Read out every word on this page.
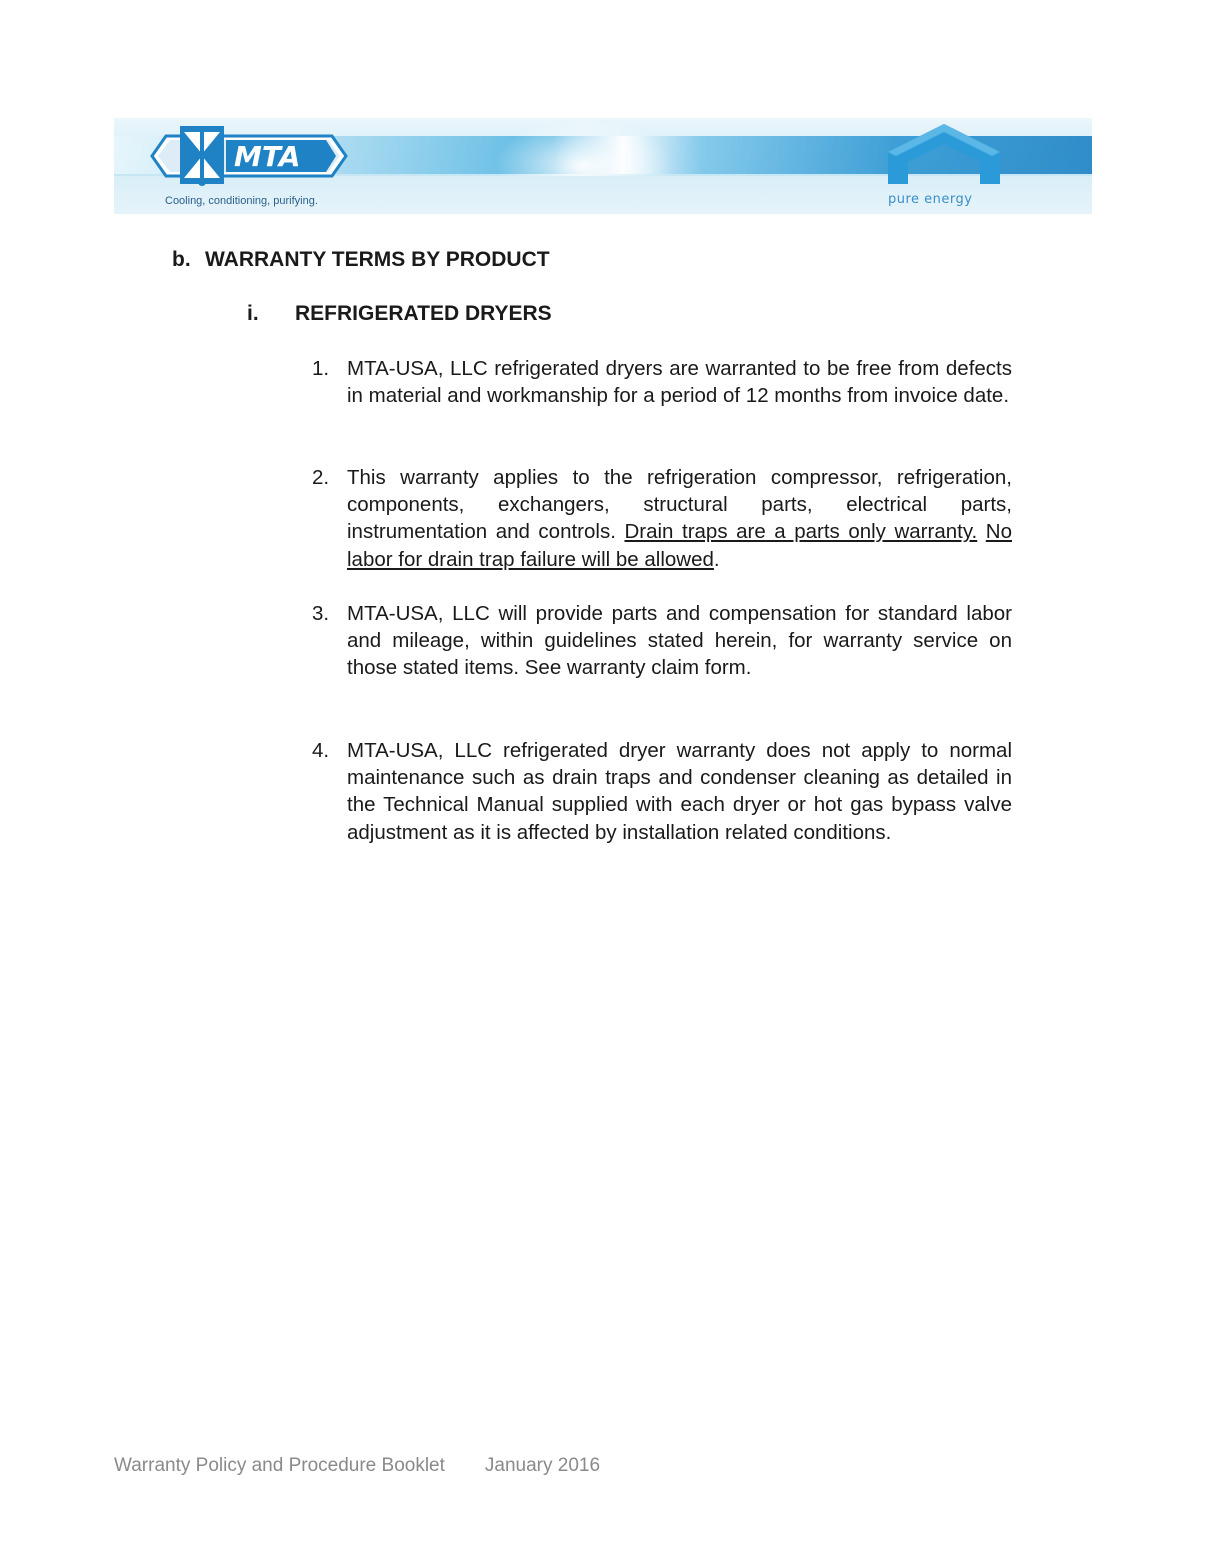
MTA
Cooling, conditioning, purifying.	pure energy
b. WARRANTY TERMS BY PRODUCT
i. REFRIGERATED DRYERS
1. MTA-USA, LLC refrigerated dryers are warranted to be free from defects in material and workmanship for a period of 12 months from invoice date.
2. This warranty applies to the refrigeration compressor, refrigeration, components, exchangers, structural parts, electrical parts, instrumentation and controls. Drain traps are a parts only warranty. No labor for drain trap failure will be allowed.
3. MTA-USA, LLC will provide parts and compensation for standard labor and mileage, within guidelines stated herein, for warranty service on those stated items. See warranty claim form.
4. MTA-USA, LLC refrigerated dryer warranty does not apply to normal maintenance such as drain traps and condenser cleaning as detailed in the Technical Manual supplied with each dryer or hot gas bypass valve adjustment as it is affected by installation related conditions.
Warranty Policy and Procedure Booklet January 2016
